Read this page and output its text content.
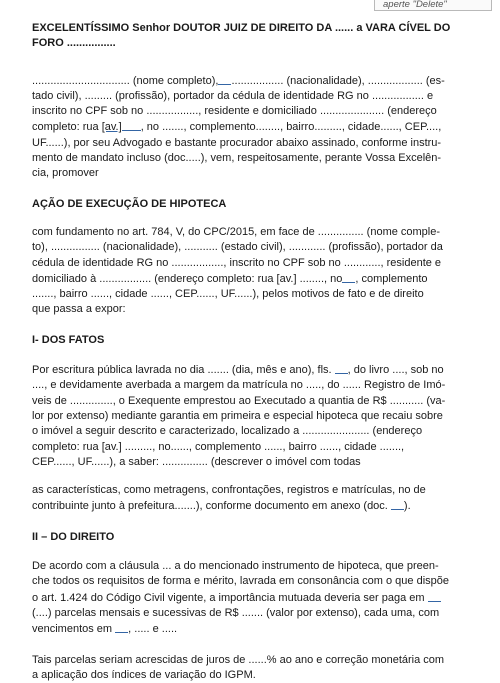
aperte "Delete"

EXCELENTÍSSIMO Senhor DOUTOR JUIZ DE DIREITO DA ...... a VARA CÍVEL DO FORO ................

................................ (nome completo), ................. (nacionalidade), .................. (es-
tado civil), ......... (profissão), portador da cédula de identidade RG no ................. e
inscrito no CPF sob no ................., residente e domiciliado ..................... (endereço
completo: rua [av.] , no ......., complemento........, bairro........., cidade......, CEP....,
UF......), por seu Advogado e bastante procurador abaixo assinado, conforme instru-
mento de mandato incluso (doc.....), vem, respeitosamente, perante Vossa Excelên-
cia, promover

AÇÃO DE EXECUÇÃO DE HIPOTECA

com fundamento no art. 784, V, do CPC/2015, em face de ............... (nome comple-
to), ................ (nacionalidade), ........... (estado civil), ............ (profissão), portador da
cédula de identidade RG no ................., inscrito no CPF sob no ............, residente e
domiciliado à ................. (endereço completo: rua [av.] ........, no , complemento
......., bairro ......, cidade ......, CEP......, UF......), pelos motivos de fato e de direito
que passa a expor:

I- DOS FATOS

Por escritura pública lavrada no dia ....... (dia, mês e ano), fls. , do livro ...., sob no
...., e devidamente averbada a margem da matrícula no ....., do ...... Registro de Imó-
veis de .............., o Exequente emprestou ao Executado a quantia de R$ ........... (va-
lor por extenso) mediante garantia em primeira e especial hipoteca que recaiu sobre
o imóvel a seguir descrito e caracterizado, localizado a ...................... (endereço
completo: rua [av.] ........., no......, complemento ......, bairro ......, cidade .......,
CEP......, UF......), a saber: ............... (descrever o imóvel com todas

as características, como metragens, confrontações, registros e matrículas, no de
contribuinte junto à prefeitura.......), conforme documento em anexo (doc. ).

II – DO DIREITO

De acordo com a cláusula ... a do mencionado instrumento de hipoteca, que preen-
che todos os requisitos de forma e mérito, lavrada em consonância com o que dispõe
o art. 1.424 do Código Civil vigente, a importância mutuada deveria ser paga em
(....) parcelas mensais e sucessivas de R$ ....... (valor por extenso), cada uma, com
vencimentos em , ..... e .....

Tais parcelas seriam acrescidas de juros de ......% ao ano e correção monetária com
a aplicação dos índices de variação do IGPM.
